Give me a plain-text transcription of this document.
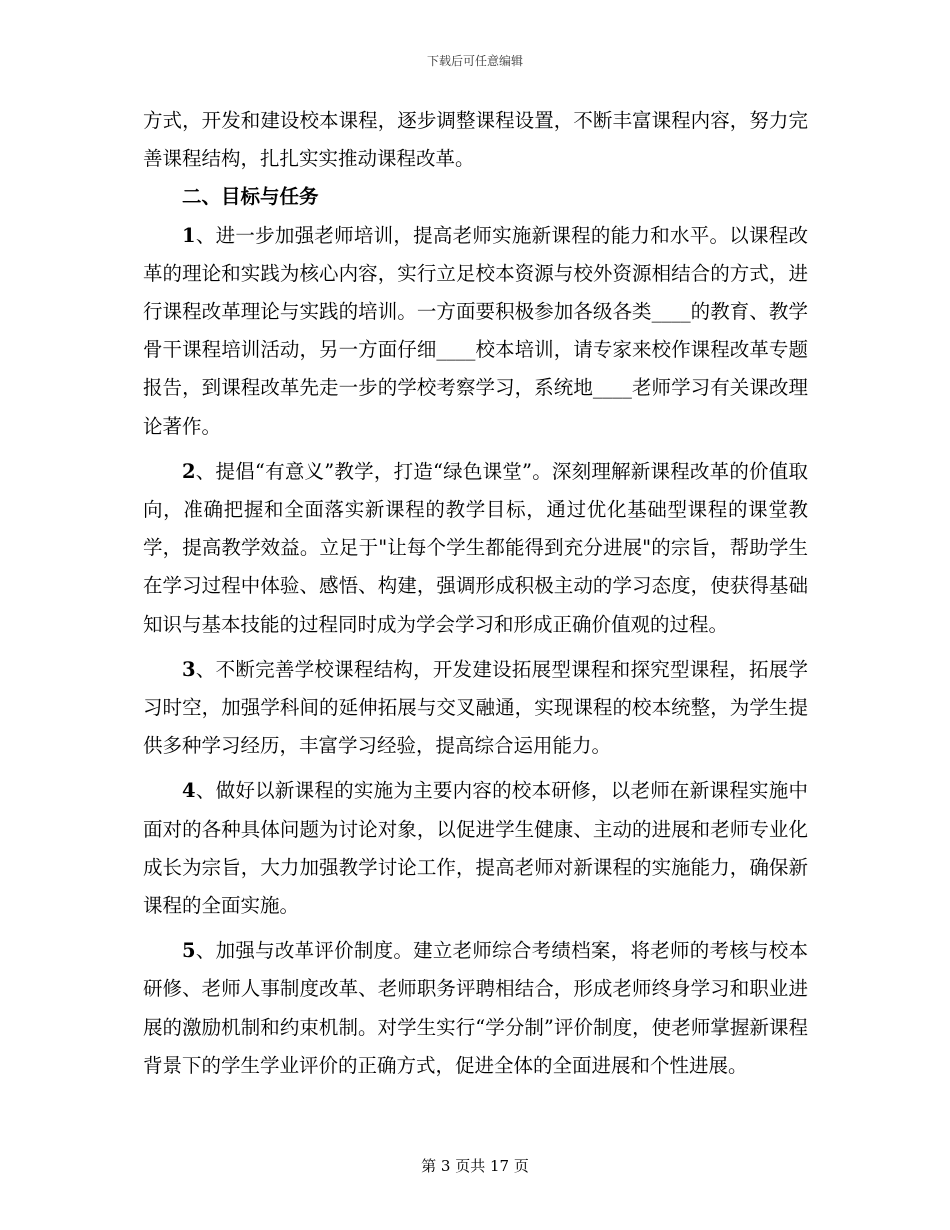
下载后可任意编辑

方式，开发和建设校本课程，逐步调整课程设置，不断丰富课程内容，努力完善课程结构，扎扎实实推动课程改革。

二、目标与任务

1、进一步加强老师培训，提高老师实施新课程的能力和水平。以课程改革的理论和实践为核心内容，实行立足校本资源与校外资源相结合的方式，进行课程改革理论与实践的培训。一方面要积极参加各级各类____的教育、教学骨干课程培训活动，另一方面仔细____校本培训，请专家来校作课程改革专题报告，到课程改革先走一步的学校考察学习，系统地____老师学习有关课改理论著作。

2、提倡“有意义”教学，打造“绿色课堂”。深刻理解新课程改革的价值取向，准确把握和全面落实新课程的教学目标，通过优化基础型课程的课堂教学，提高教学效益。立足于"让每个学生都能得到充分进展"的宗旨，帮助学生在学习过程中体验、感悟、构建，强调形成积极主动的学习态度，使获得基础知识与基本技能的过程同时成为学会学习和形成正确价值观的过程。

3、不断完善学校课程结构，开发建设拓展型课程和探究型课程，拓展学习时空，加强学科间的延伸拓展与交叉融通，实现课程的校本统整，为学生提供多种学习经历，丰富学习经验，提高综合运用能力。

4、做好以新课程的实施为主要内容的校本研修，以老师在新课程实施中面对的各种具体问题为讨论对象，以促进学生健康、主动的进展和老师专业化成长为宗旨，大力加强教学讨论工作，提高老师对新课程的实施能力，确保新课程的全面实施。

5、加强与改革评价制度。建立老师综合考绩档案，将老师的考核与校本研修、老师人事制度改革、老师职务评聘相结合，形成老师终身学习和职业进展的激励机制和约束机制。对学生实行“学分制”评价制度，使老师掌握新课程背景下的学生学业评价的正确方式，促进全体的全面进展和个性进展。

第 3 页共 17 页
